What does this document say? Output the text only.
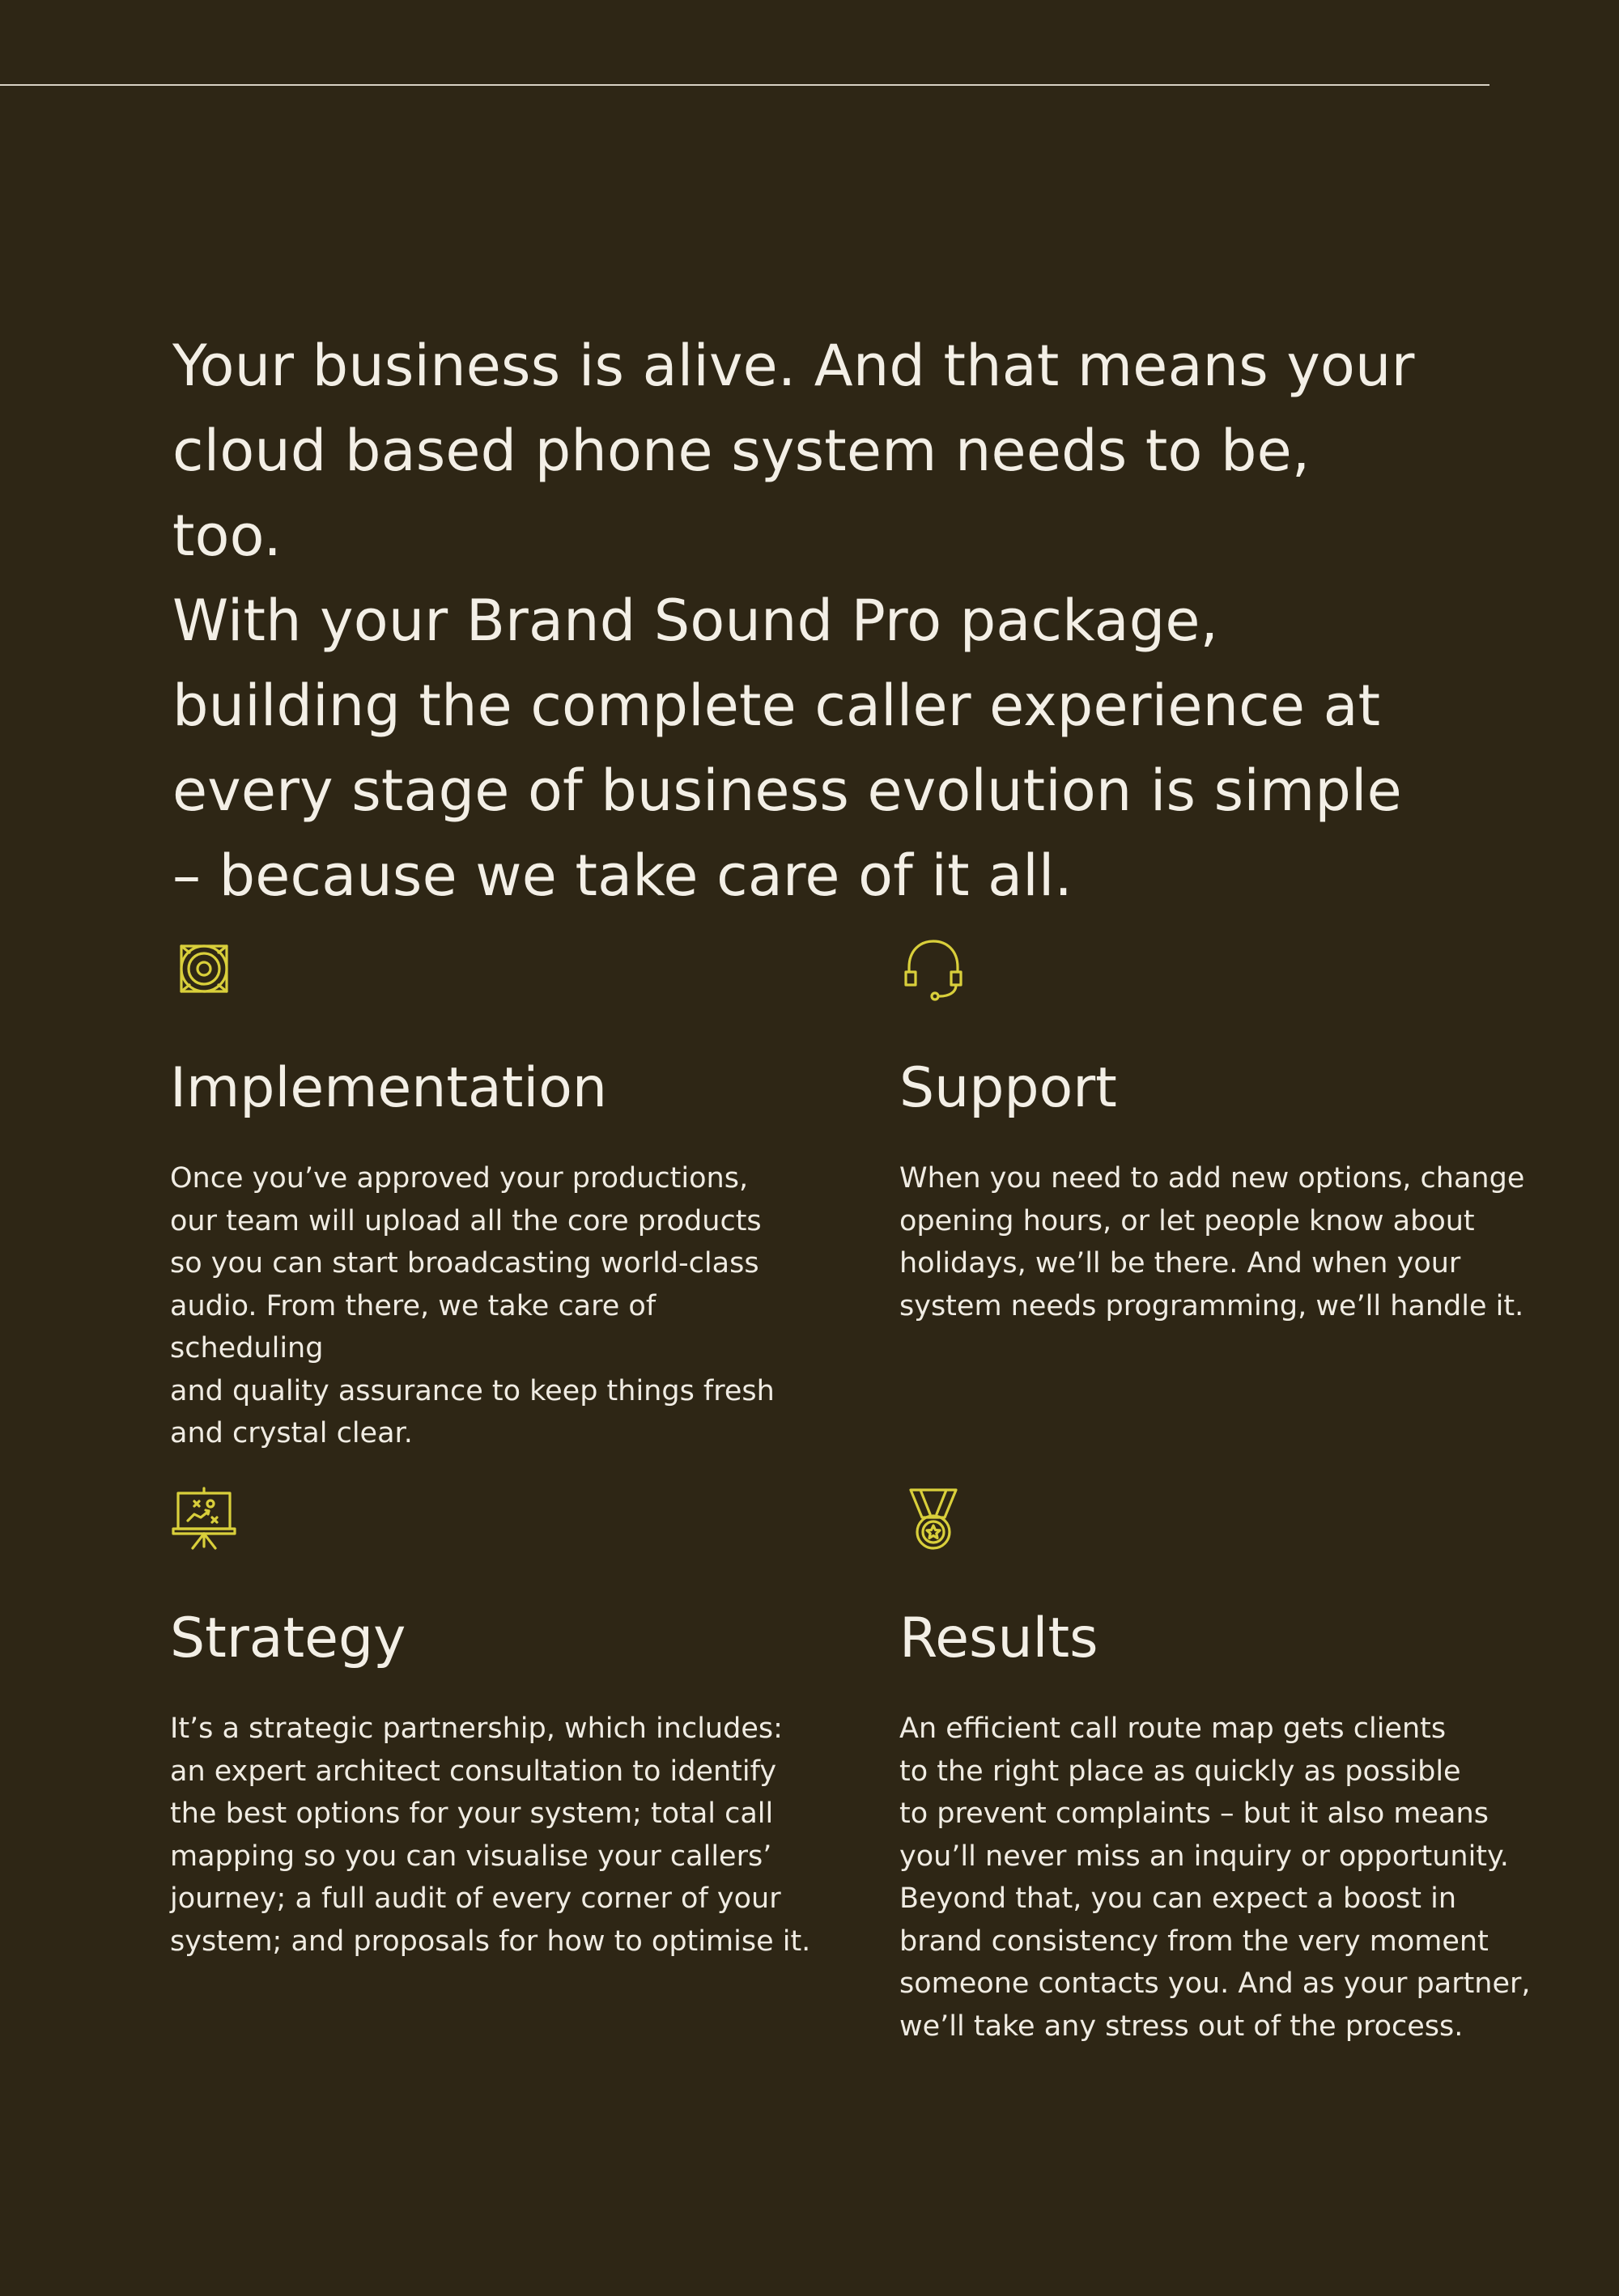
Your business is alive. And that means your
cloud based phone system needs to be, too.
With your Brand Sound Pro package,
building the complete caller experience at
every stage of business evolution is simple
– because we take care of it all.
Implementation

Once you’ve approved your productions,
our team will upload all the core products
so you can start broadcasting world-class
audio. From there, we take care of scheduling
and quality assurance to keep things fresh
and crystal clear.

Support

When you need to add new options, change
opening hours, or let people know about
holidays, we’ll be there. And when your
system needs programming, we’ll handle it.

Strategy

It’s a strategic partnership, which includes:
an expert architect consultation to identify
the best options for your system; total call
mapping so you can visualise your callers’
journey; a full audit of every corner of your
system; and proposals for how to optimise it.

Results

An efficient call route map gets clients
to the right place as quickly as possible
to prevent complaints – but it also means
you’ll never miss an inquiry or opportunity.
Beyond that, you can expect a boost in
brand consistency from the very moment
someone contacts you. And as your partner,
we’ll take any stress out of the process.
